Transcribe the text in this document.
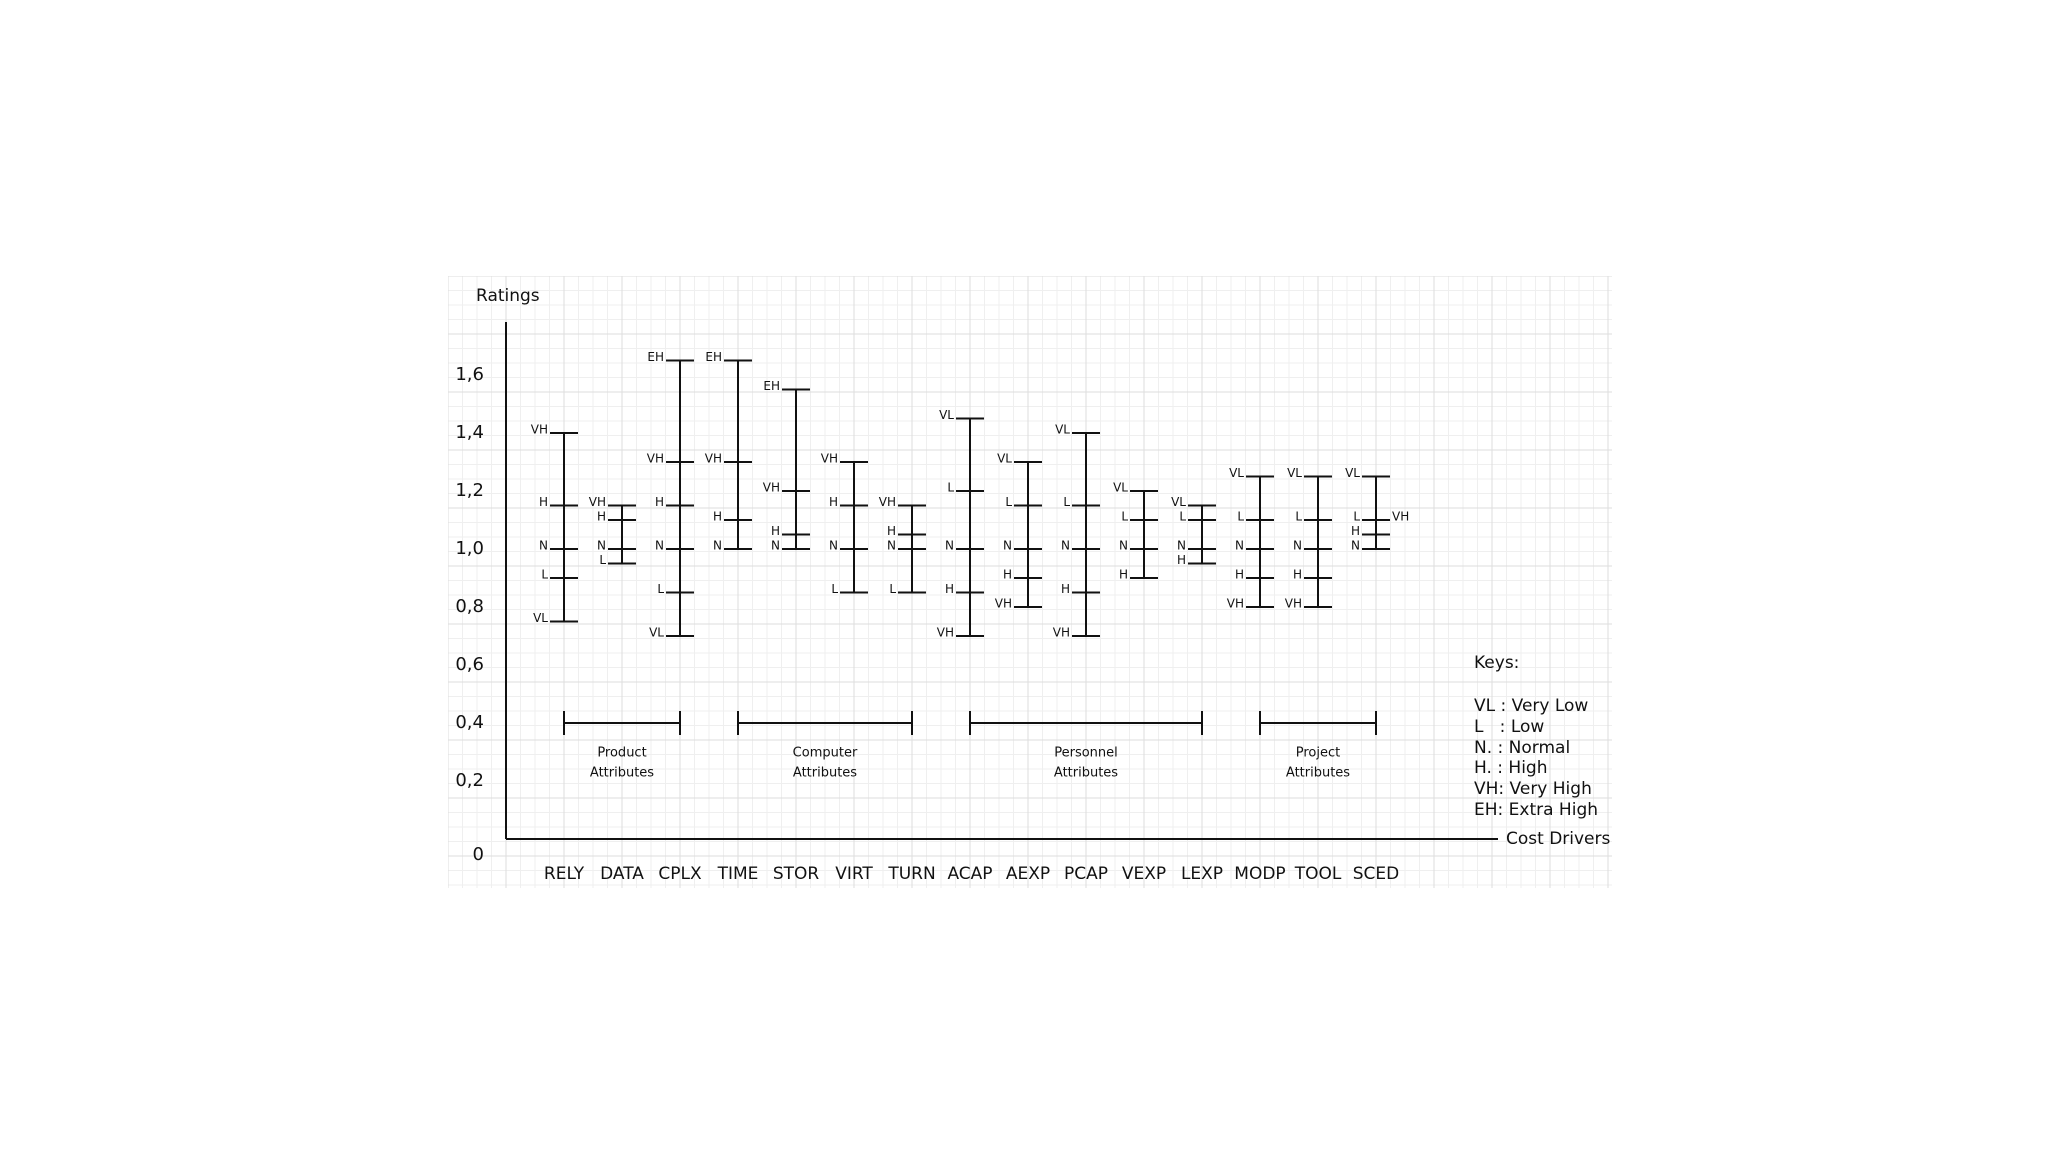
Ratings
Cost Drivers
0
0,2
0,4
0,6
0,8
1,0
1,2
1,4
1,6
RELY DATA CPLX TIME STOR VIRT TURN ACAP AEXP PCAP VEXP LEXP MODP TOOL SCED
VH
H
N
L
VL
VH
H
N
L
EH
VH
H
N
L
VL
EH
VH
H
N
EH
VH
H
N
VH
H
N
L
VH
H
N
L
VL
L
N
H
VH
VL
L
N
H
VH
VL
L
N
H
VH
VL
L
N
H
VL
L
N
H
VL
L
N
H
VH
VL
L
N
H
VH
VL
L	VH
H
N
Product
Attributes
Computer
Attributes
Personnel
Attributes
Project
Attributes
Keys:
VL : Very Low
L   : Low
N. : Normal
H. : High
VH: Very High
EH: Extra High
